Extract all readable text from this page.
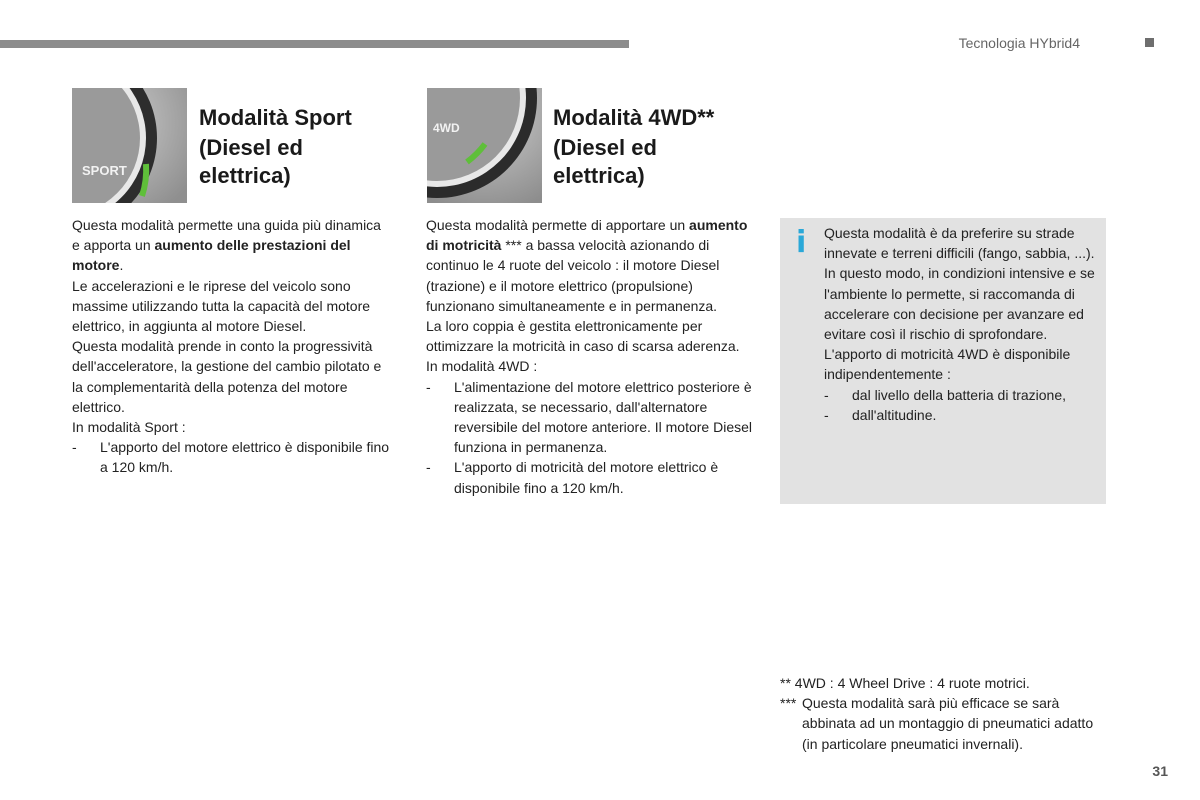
Tecnologia HYbrid4
SPORT
Modalità Sport
(Diesel ed
elettrica)

Questa modalità permette una guida più dinamica e apporta un aumento delle prestazioni del motore.

Le accelerazioni e le riprese del veicolo sono massime utilizzando tutta la capacità del motore elettrico, in aggiunta al motore Diesel.

Questa modalità prende in conto la progressività dell'acceleratore, la gestione del cambio pilotato e la complementarità della potenza del motore elettrico.

In modalità Sport :

- L'apporto del motore elettrico è disponibile fino a 120 km/h.

4WD	Modalità 4WD**
(Diesel ed
elettrica)

Questa modalità permette di apportare un aumento di motricità *** a bassa velocità azionando di continuo le 4 ruote del veicolo : il motore Diesel (trazione) e il motore elettrico (propulsione) funzionano simultaneamente e in permanenza.

La loro coppia è gestita elettronicamente per ottimizzare la motricità in caso di scarsa aderenza.

In modalità 4WD :

- L'alimentazione del motore elettrico posteriore è realizzata, se necessario, dall'alternatore reversibile del motore anteriore. Il motore Diesel funziona in permanenza.

- L'apporto di motricità del motore elettrico è disponibile fino a 120 km/h.

i Questa modalità è da preferire su strade innevate e terreni difficili (fango, sabbia, ...).

In questo modo, in condizioni intensive e se l'ambiente lo permette, si raccomanda di accelerare con decisione per avanzare ed evitare così il rischio di sprofondare.

L'apporto di motricità 4WD è disponibile indipendentemente :

- dal livello della batteria di trazione,

- dall'altitudine.

** 4WD : 4 Wheel Drive : 4 ruote motrici.

*** Questa modalità sarà più efficace se sarà abbinata ad un montaggio di pneumatici adatto (in particolare pneumatici invernali).

31
